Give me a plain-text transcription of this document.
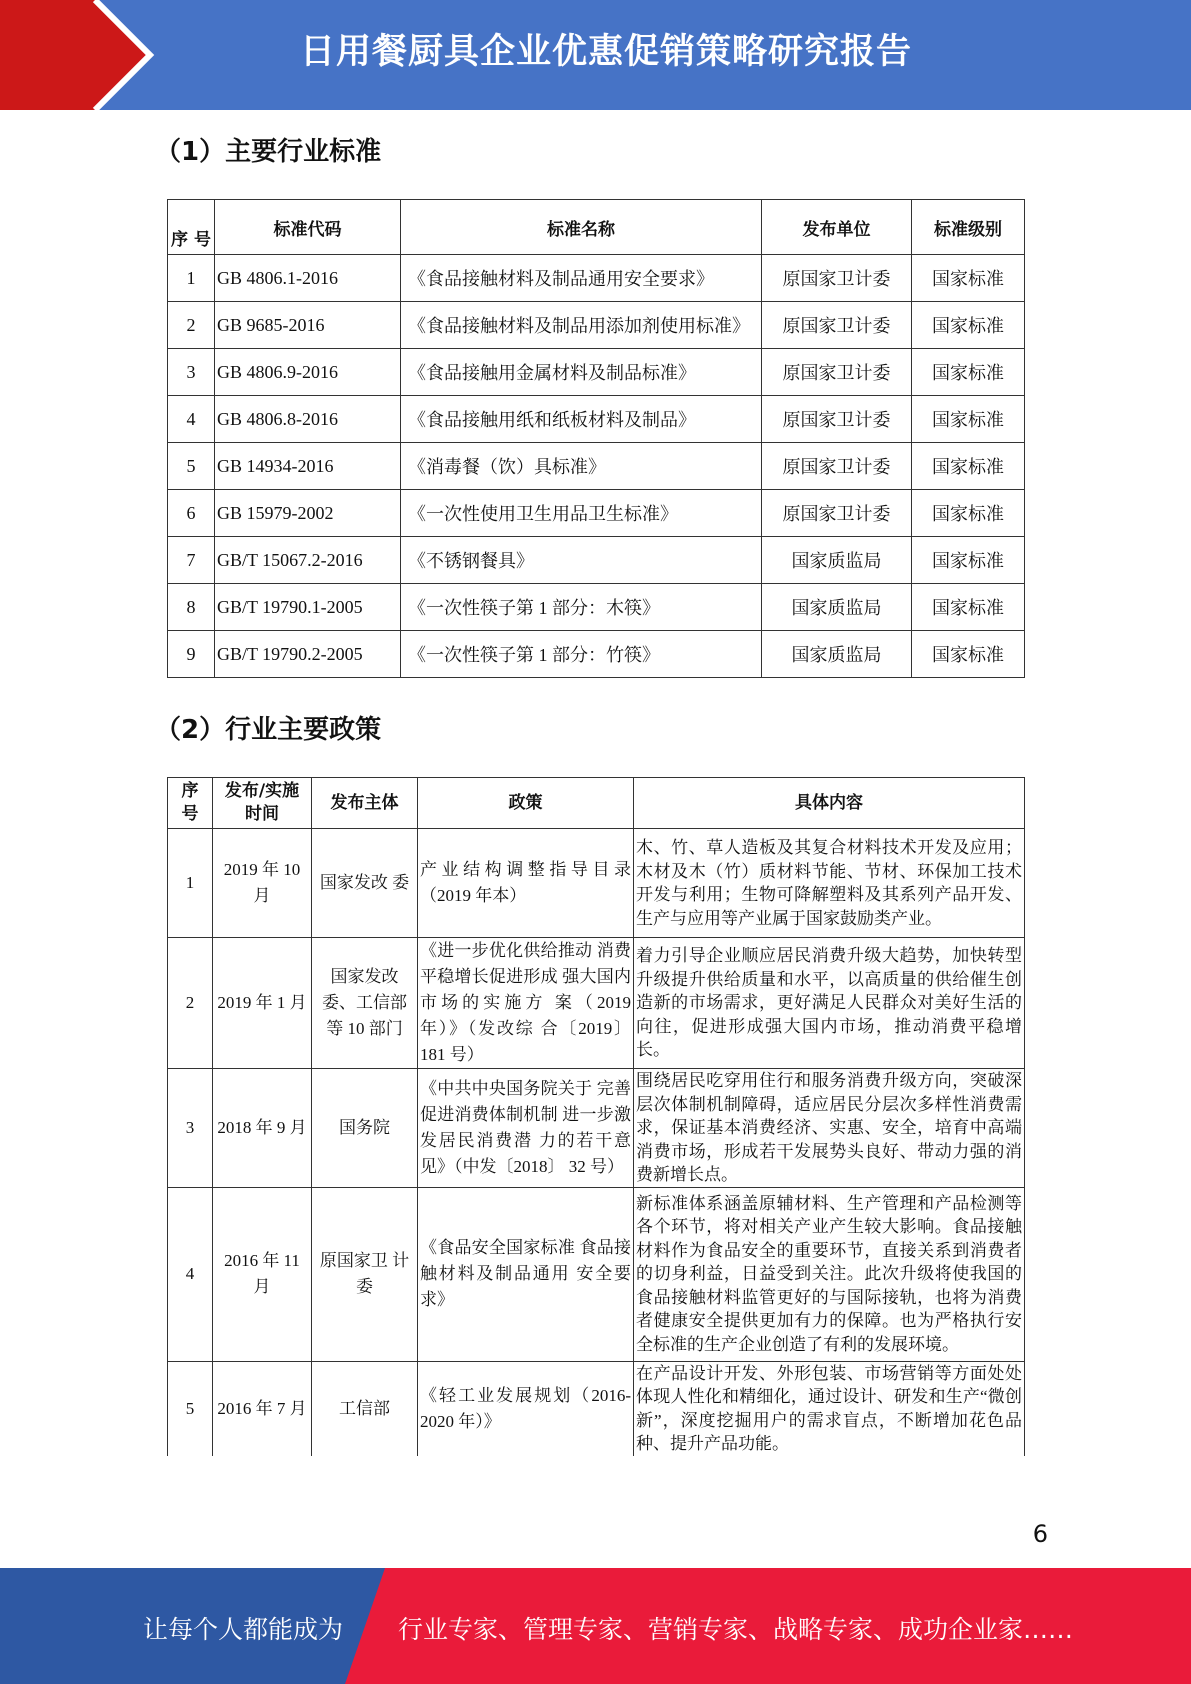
日用餐厨具企业优惠促销策略研究报告
（1）主要行业标准
序 号	标准代码	标准名称	发布单位	标准级别
1	GB 4806.1-2016	《食品接触材料及制品通用安全要求》	原国家卫计委	国家标准
2	GB 9685-2016	《食品接触材料及制品用添加剂使用标准》	原国家卫计委	国家标准
3	GB 4806.9-2016	《食品接触用金属材料及制品标准》	原国家卫计委	国家标准
4	GB 4806.8-2016	《食品接触用纸和纸板材料及制品》	原国家卫计委	国家标准
5	GB 14934-2016	《消毒餐（饮）具标准》	原国家卫计委	国家标准
6	GB 15979-2002	《一次性使用卫生用品卫生标准》	原国家卫计委	国家标准
7	GB/T 15067.2-2016	《不锈钢餐具》	国家质监局	国家标准
8	GB/T 19790.1-2005	《一次性筷子第 1 部分：木筷》	国家质监局	国家标准
9	GB/T 19790.2-2005	《一次性筷子第 1 部分：竹筷》	国家质监局	国家标准
（2）行业主要政策
序号	发布/实施时间	发布主体	政策	具体内容
1	2019 年 10 月	国家发改 委	产业结构调整指导目录（2019 年本）	木、竹、草人造板及其复合材料技术开发及应用；木材及木（竹）质材料节能、节材、环保加工技术开发与利用；生物可降解塑料及其系列产品开发、生产与应用等产业属于国家鼓励类产业。
2	2019 年 1 月	国家发改委、工信部等 10 部门	《进一步优化供给推动 消费平稳增长促进形成 强大国内市场的实施方 案（2019 年）》（发改综 合〔2019〕 181 号）	着力引导企业顺应居民消费升级大趋势，加快转型升级提升供给质量和水平，以高质量的供给催生创造新的市场需求，更好满足人民群众对美好生活的向往，促进形成强大国内市场，推动消费平稳增长。
3	2018 年 9 月	国务院	《中共中央国务院关于 完善促进消费体制机制 进一步激发居民消费潜 力的若干意见》（中发〔2018〕 32 号）	围绕居民吃穿用住行和服务消费升级方向，突破深层次体制机制障碍，适应居民分层次多样性消费需求，保证基本消费经济、实惠、安全，培育中高端消费市场，形成若干发展势头良好、带动力强的消费新增长点。
4	2016 年 11 月	原国家卫 计委	《食品安全国家标准 食品接触材料及制品通用 安全要求》	新标准体系涵盖原辅材料、生产管理和产品检测等各个环节，将对相关产业产生较大影响。食品接触材料作为食品安全的重要环节，直接关系到消费者的切身利益，日益受到关注。此次升级将使我国的食品接触材料监管更好的与国际接轨，也将为消费者健康安全提供更加有力的保障。也为严格执行安全标准的生产企业创造了有利的发展环境。
5	2016 年 7 月	工信部	《轻工业发展规划（2016-2020 年）》	在产品设计开发、外形包装、市场营销等方面处处体现人性化和精细化，通过设计、研发和生产“微创新”，深度挖掘用户的需求盲点，不断增加花色品种、提升产品功能。
6
让每个人都能成为 行业专家、管理专家、营销专家、战略专家、成功企业家……
